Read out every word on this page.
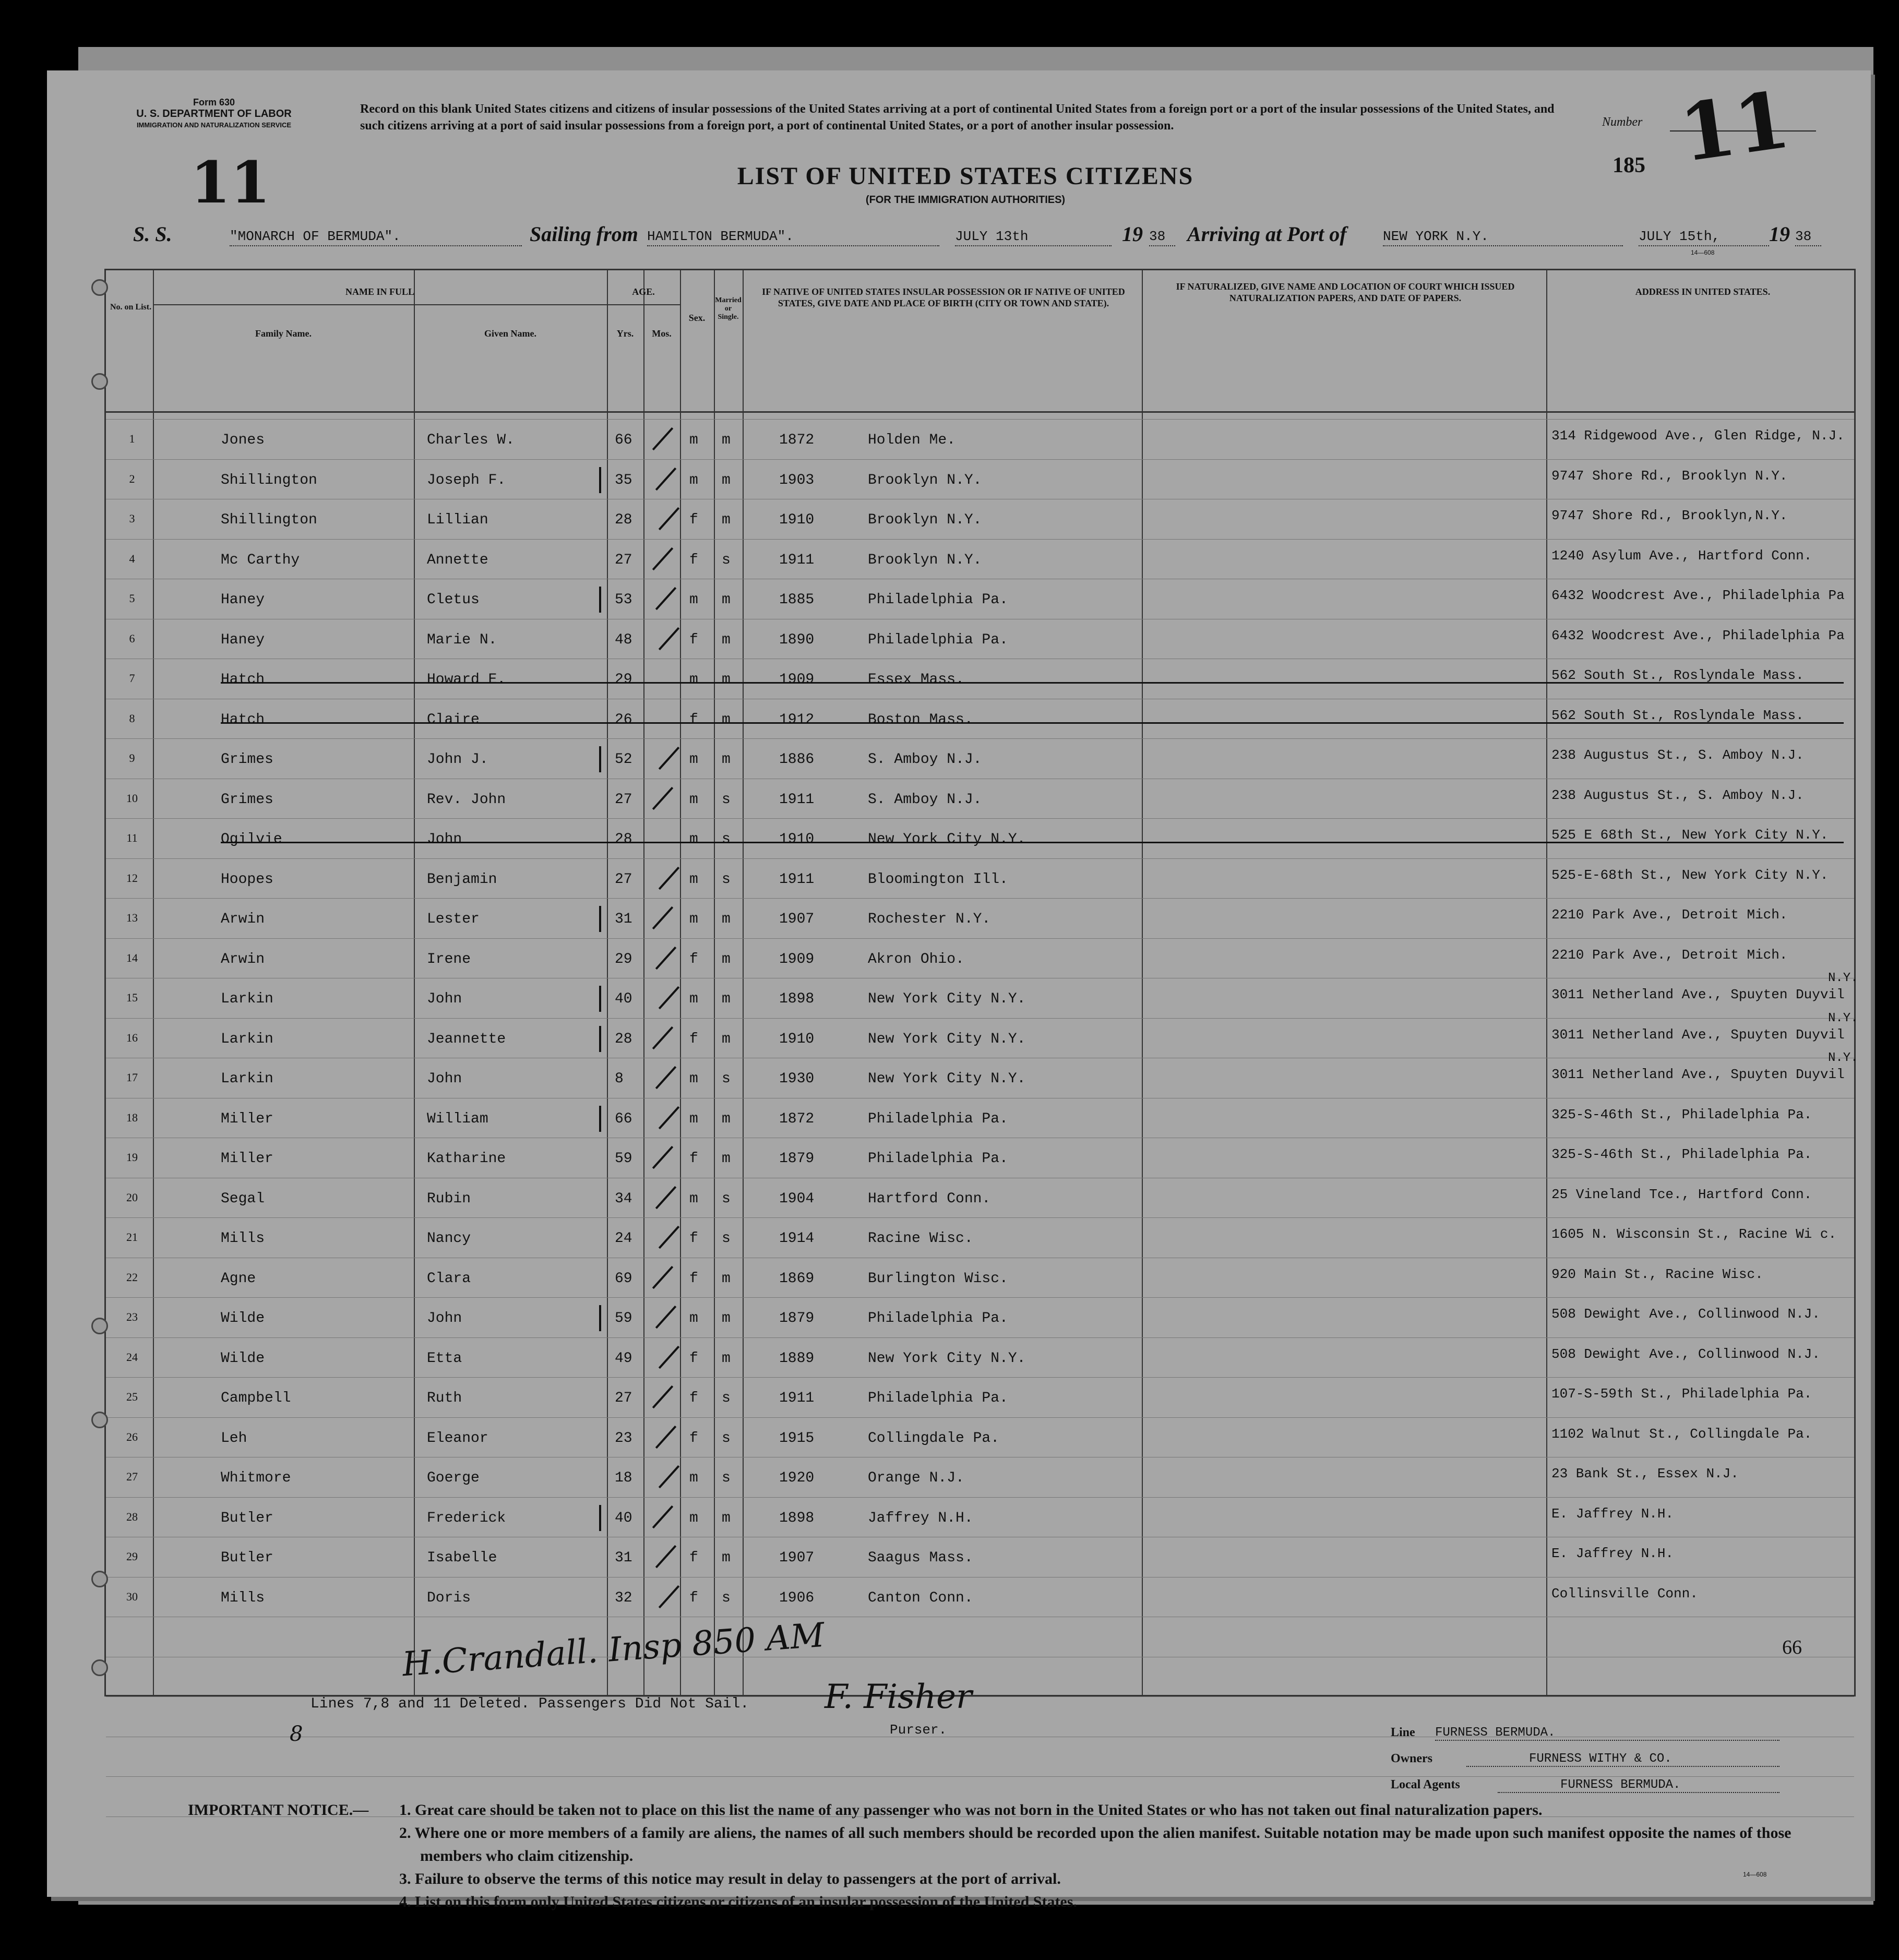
Form 630
U. S. DEPARTMENT OF LABOR
IMMIGRATION AND NATURALIZATION SERVICE
11
Record on this blank United States citizens and citizens of insular possessions of the United States arriving at a port of continental United States from a foreign port or a port of the insular possessions of the United States, and such citizens arriving at a port of said insular possessions from a foreign port, a port of continental United States, or a port of another insular possession.
LIST OF UNITED STATES CITIZENS
(FOR THE IMMIGRATION AUTHORITIES)
Number
185 11
14—608
S. S.	"MONARCH OF BERMUDA".	Sailing from HAMILTON BERMUDA".	JULY 13th	19 38	Arriving at Port of	NEW YORK N.Y.	JULY 15th,	19 38
No. on List.
NAME IN FULL
Family Name.	Given Name.
AGE.
Yrs.	Mos.
Sex.
Married or Single.
IF NATIVE OF UNITED STATES INSULAR POSSESSION OR IF NATIVE OF UNITED STATES, GIVE DATE AND PLACE OF BIRTH (CITY OR TOWN AND STATE).
IF NATURALIZED, GIVE NAME AND LOCATION OF COURT WHICH ISSUED NATURALIZATION PAPERS, AND DATE OF PAPERS.
ADDRESS IN UNITED STATES.
1	Jones	Charles W.	66	m	m	1872	Holden Me.	314 Ridgewood Ave., Glen Ridge, N.J.
2	Shillington	Joseph F.	35	m	m	1903	Brooklyn N.Y.	9747 Shore Rd., Brooklyn N.Y.
3	Shillington	Lillian	28	f	m	1910	Brooklyn N.Y.	9747 Shore Rd., Brooklyn,N.Y.
4	Mc Carthy	Annette	27	f	s	1911	Brooklyn N.Y.	1240 Asylum Ave., Hartford Conn.
5	Haney	Cletus	53	m	m	1885	Philadelphia Pa.	6432 Woodcrest Ave., Philadelphia Pa
6	Haney	Marie N.	48	f	m	1890	Philadelphia Pa.	6432 Woodcrest Ave., Philadelphia Pa
7	Hatch	Howard E.	29	m	m	1909	Essex Mass.	562 South St., Roslyndale Mass.
8	Hatch	Claire	26	f	m	1912	Boston Mass.	562 South St., Roslyndale Mass.
9	Grimes	John J.	52	m	m	1886	S. Amboy N.J.	238 Augustus St., S. Amboy N.J.
10	Grimes	Rev. John	27	m	s	1911	S. Amboy N.J.	238 Augustus St., S. Amboy N.J.
11	Ogilvie	John	28	m	s	1910	New York City N.Y.	525 E 68th St., New York City N.Y.
12	Hoopes	Benjamin	27	m	s	1911	Bloomington Ill.	525-E-68th St., New York City N.Y.
13	Arwin	Lester	31	m	m	1907	Rochester N.Y.	2210 Park Ave., Detroit Mich.
14	Arwin	Irene	29	f	m	1909	Akron Ohio.	2210 Park Ave., Detroit Mich.
15	Larkin	John	40	m	m	1898	New York City N.Y.	3011 Netherland Ave., Spuyten Duyvil
N.Y.
16	Larkin	Jeannette	28	f	m	1910	New York City N.Y.	3011 Netherland Ave., Spuyten Duyvil
N.Y.
17	Larkin	John	8	m	s	1930	New York City N.Y.	3011 Netherland Ave., Spuyten Duyvil
N.Y.
18	Miller	William	66	m	m	1872	Philadelphia Pa.	325-S-46th St., Philadelphia Pa.
19	Miller	Katharine	59	f	m	1879	Philadelphia Pa.	325-S-46th St., Philadelphia Pa.
20	Segal	Rubin	34	m	s	1904	Hartford Conn.	25 Vineland Tce., Hartford Conn.
21	Mills	Nancy	24	f	s	1914	Racine Wisc.	1605 N. Wisconsin St., Racine Wi c.
22	Agne	Clara	69	f	m	1869	Burlington Wisc.	920 Main St., Racine Wisc.
23	Wilde	John	59	m	m	1879	Philadelphia Pa.	508 Dewight Ave., Collinwood N.J.
24	Wilde	Etta	49	f	m	1889	New York City N.Y.	508 Dewight Ave., Collinwood N.J.
25	Campbell	Ruth	27	f	s	1911	Philadelphia Pa.	107-S-59th St., Philadelphia Pa.
26	Leh	Eleanor	23	f	s	1915	Collingdale Pa.	1102 Walnut St., Collingdale Pa.
27	Whitmore	Goerge	18	m	s	1920	Orange N.J.	23 Bank St., Essex N.J.
28	Butler	Frederick	40	m	m	1898	Jaffrey N.H.	E. Jaffrey N.H.
29	Butler	Isabelle	31	f	m	1907	Saagus Mass.	E. Jaffrey N.H.
30	Mills	Doris	32	f	s	1906	Canton Conn.	Collinsville Conn.
Lines 7,8 and 11 Deleted. Passengers Did Not Sail.
H.Crandall. Insp 850 AM
F. Fisher
Purser.
66
8	Line FURNESS BERMUDA.
Owners	FURNESS WITHY & CO.
Local Agents	FURNESS BERMUDA.
IMPORTANT NOTICE.— 1. Great care should be taken not to place on this list the name of any passenger who was not born in the United States or who has not taken out final naturalization papers.
2. Where one or more members of a family are aliens, the names of all such members should be recorded upon the alien manifest. Suitable notation may be made upon such manifest opposite the names of those members who claim citizenship.
3. Failure to observe the terms of this notice may result in delay to passengers at the port of arrival.
4. List on this form only United States citizens or citizens of an insular possession of the United States.
14—608
